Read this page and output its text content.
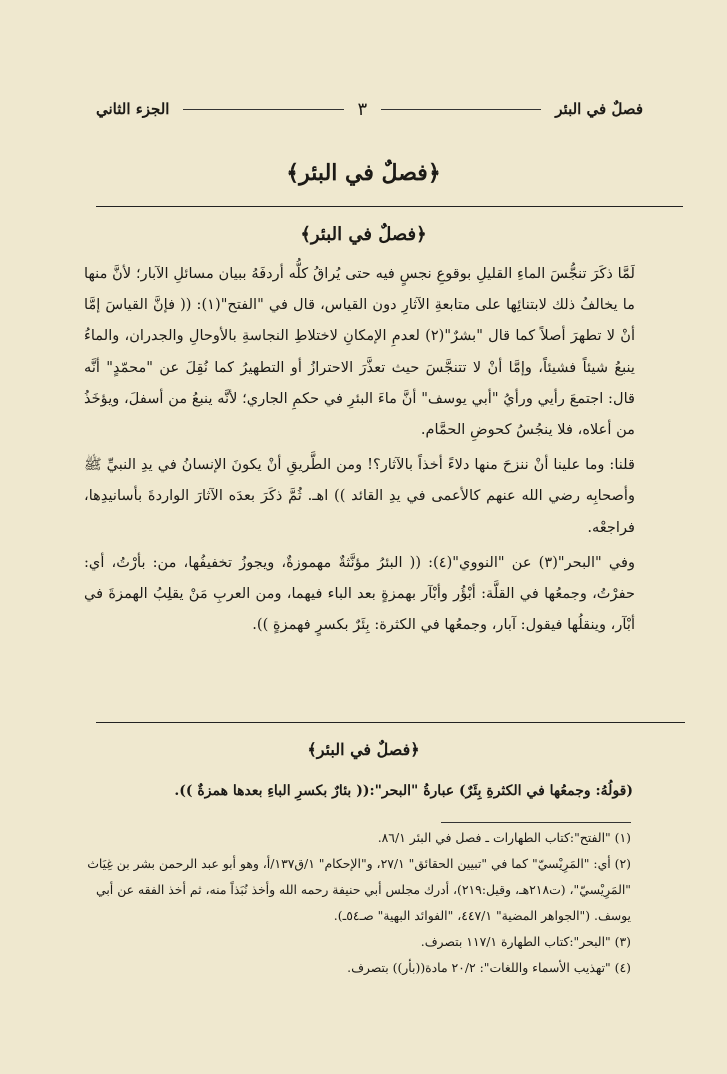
فصلٌ في البئر
٣
الجزء الثاني
﴿فصلٌ في البئر﴾
﴿فصلٌ في البئر﴾

لَمَّا ذكَرَ تنجُّسَ الماءِ القليلِ بوقوعِ نجسٍ فيه حتى يُراقُ كلُّه أردفَهُ ببيان مسائلِ الآبار؛ لأنَّ منها ما يخالفُ ذلك لابتنائِها على متابعةِ الآثارِ دون القياس، قال في "الفتح"(١): (( فإنَّ القياسَ إمَّا أنْ لا تطهرَ أصلاً كما قال "بشرٌ"(٢) لعدمِ الإمكانِ لاختلاطِ النجاسةِ بالأوحالِ والجدران، والماءُ ينبعُ شيئاً فشيئاً، وإمَّا أنْ لا تتنجَّسَ حيث تعذَّرَ الاحترازُ أو التطهيرُ كما نُقِلَ عن "محمّدٍ" أنَّه قال: اجتمعَ رأيي ورأيُ "أبي يوسف" أنَّ ماءَ البئرِ في حكمِ الجاري؛ لأنَّه ينبعُ من أسفلَ، ويؤخَذُ من أعلاه، فلا ينجُسُ كحوضِ الحمَّام.

قلنا: وما علينا أنْ ننزحَ منها دلاءً أخذاً بالآثار؟! ومن الطَّريقِ أنْ يكونَ الإنسانُ في يدِ النبيِّ ﷺ وأصحابِه رضي الله عنهم كالأعمى في يدِ القائد )) اهـ. ثُمَّ ذكَرَ بعدَه الآثارَ الواردةَ بأسانيدِها، فراجعْه.

وفي "البحر"(٣) عن "النووي"(٤): (( البئرُ مؤنَّثةٌ مهموزةٌ، ويجوزُ تخفيفُها، من: بأرْتُ، أي: حفرْتُ، وجمعُها في القلَّة: أبْؤُر وأبْآر بهمزةٍ بعد الباء فيهما، ومن العربِ مَنْ يقلِبُ الهمزةَ في أبْآر، وينقلُها فيقول: آبار، وجمعُها في الكثرة: بِئَرٌ بكسرٍ فهمزةٍ )).

﴿فصلٌ في البئر﴾
(قولُهُ: وجمعُها في الكثرةِ بِئَرٌ) عبارةُ "البحر":(( بئارٌ بكسرِ الباءِ بعدها همزةٌ )).

(١) "الفتح":كتاب الطهارات ـ فصل في البئر ٨٦/١.

(٢) أي: "المَرِيْسيّ" كما في "تبيين الحقائق" ٢٧/١، و"الإحكام" ١/ق١٣٧/أ، وهو أبو عبد الرحمن بشر بن غِيَاث "المَرِيْسيّ"، (ت٢١٨هـ، وقيل:٢١٩)، أدرك مجلس أبي حنيفة رحمه الله وأخذ نُبَذاً منه، ثم أخذ الفقه عن أبي يوسف. ("الجواهر المضية" ٤٤٧/١، "الفوائد البهية" صـ٥٤ـ).

(٣) "البحر":كتاب الطهارة ١١٧/١ بتصرف.

(٤) "تهذيب الأسماء واللغات": ٢٠/٢ مادة((بأر)) بتصرف.
